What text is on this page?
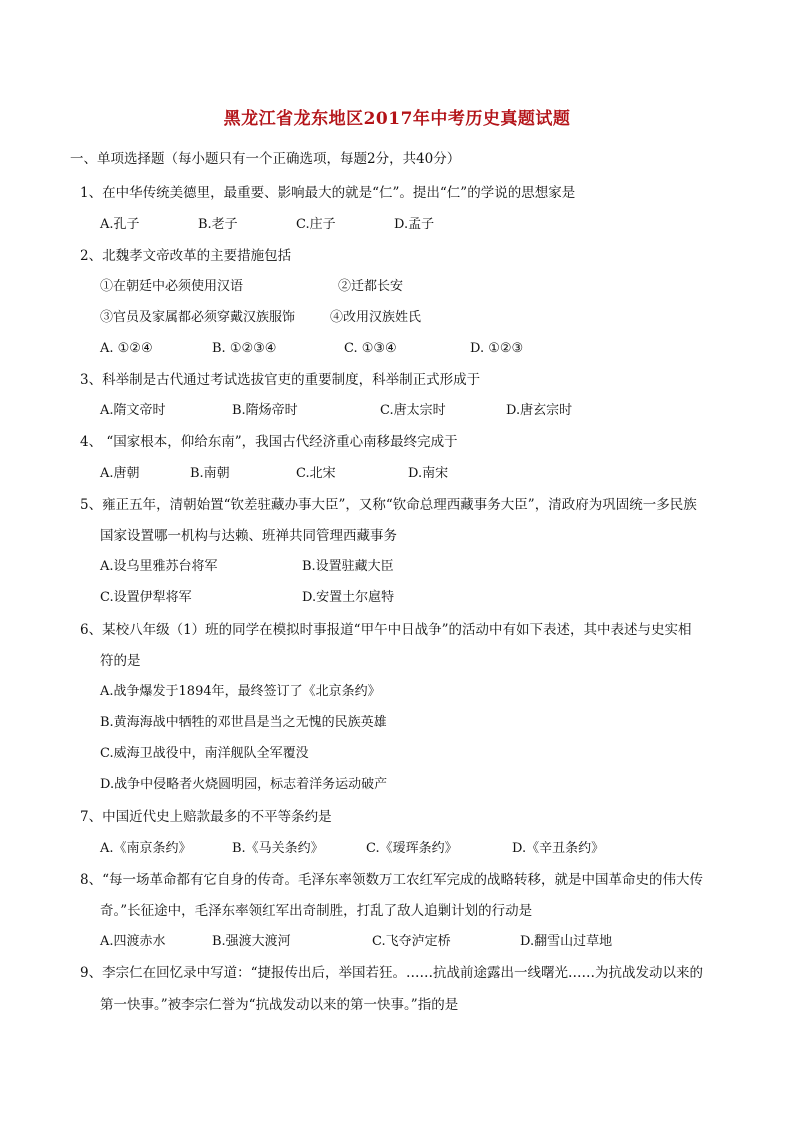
黑龙江省龙东地区2017年中考历史真题试题
一、单项选择题（每小题只有一个正确选项，每题2分，共40分）
1、在中华传统美德里，最重要、影响最大的就是“仁”。提出“仁”的学说的思想家是
A.孔子	B.老子	C.庄子	D.孟子
2、北魏孝文帝改革的主要措施包括
①在朝廷中必须使用汉语	②迁都长安
③官员及家属都必须穿戴汉族服饰	④改用汉族姓氏
A. ①②④	B. ①②③④	C. ①③④	D. ①②③
3、科举制是古代通过考试选拔官吏的重要制度，科举制正式形成于
A.隋文帝时	B.隋炀帝时	C.唐太宗时	D.唐玄宗时
4、 “国家根本，仰给东南”，我国古代经济重心南移最终完成于
A.唐朝	B.南朝	C.北宋	D.南宋
5、雍正五年，清朝始置“钦差驻藏办事大臣”，又称“钦命总理西藏事务大臣”，清政府为巩固统一多民族
国家设置哪一机构与达赖、班禅共同管理西藏事务
A.设乌里雅苏台将军	B.设置驻藏大臣
C.设置伊犁将军	D.安置土尔扈特
6、某校八年级（1）班的同学在模拟时事报道“甲午中日战争”的活动中有如下表述，其中表述与史实相
符的是
A.战争爆发于1894年，最终签订了《北京条约》
B.黄海海战中牺牲的邓世昌是当之无愧的民族英雄
C.威海卫战役中，南洋舰队全军覆没
D.战争中侵略者火烧圆明园，标志着洋务运动破产
7、中国近代史上赔款最多的不平等条约是
A.《南京条约》	B.《马关条约》	C.《瑷珲条约》	D.《辛丑条约》
8、“每一场革命都有它自身的传奇。毛泽东率领数万工农红军完成的战略转移，就是中国革命史的伟大传
奇。”长征途中，毛泽东率领红军出奇制胜，打乱了敌人追剿计划的行动是
A.四渡赤水	B.强渡大渡河	C.飞夺泸定桥	D.翻雪山过草地
9、李宗仁在回忆录中写道：“捷报传出后，举国若狂。……抗战前途露出一线曙光……为抗战发动以来的
第一快事。”被李宗仁誉为“抗战发动以来的第一快事。”指的是
